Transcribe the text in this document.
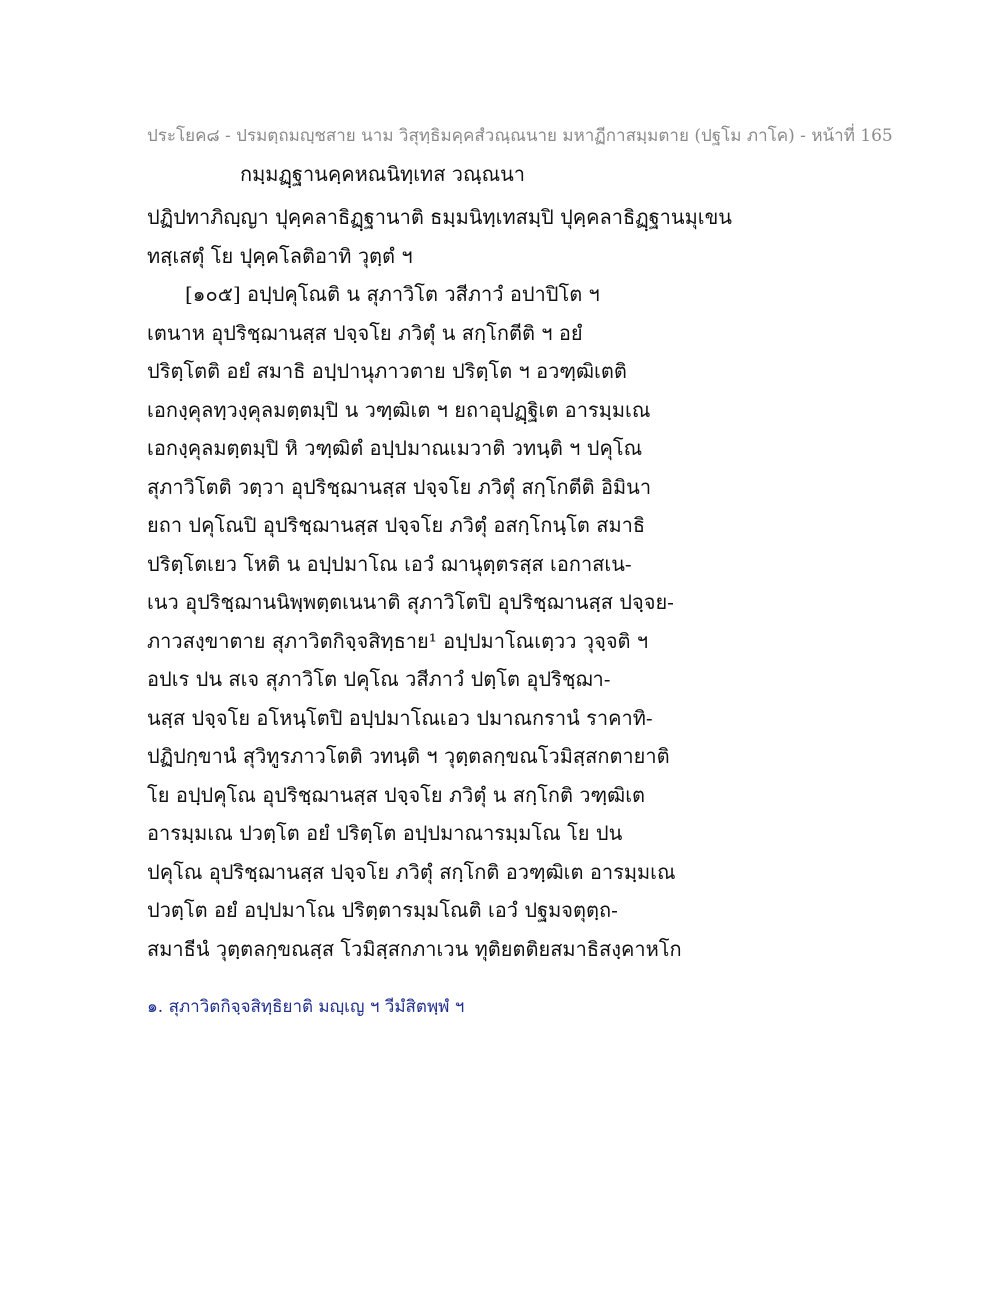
ประโยค๘ - ปรมตฺถมญฺชสาย นาม วิสุทฺธิมคฺคสํวณฺณนาย มหาฏีกาสมฺมตาย (ปฐโม ภาโค) - หน้าที่ 165
กมฺมฏฺฐานคฺคหณนิทฺเทส วณฺณนา
ปฏิปทาภิญฺญา ปุคฺคลาธิฏฺฐานาติ ธมฺมนิทฺเทสมฺปิ ปุคฺคลาธิฏฺฐานมุเขน
ทสฺเสตุํ โย ปุคฺคโลติอาทิ วุตฺตํ ฯ
[๑๐๕] อปฺปคุโณติ น สุภาวิโต วสีภาวํ อปาปิโต ฯ
เตนาห อุปริชฺฌานสฺส ปจฺจโย ภวิตุํ น สกฺโกตีติ ฯ อยํ
ปริตฺโตติ อยํ สมาธิ อปฺปานุภาวตาย ปริตฺโต ฯ อวฑฺฒิเตติ
เอกงฺคุลทฺวงฺคุลมตฺตมฺปิ น วฑฺฒิเต ฯ ยถาอุปฏฺฐิเต อารมฺมเณ
เอกงฺคุลมตฺตมฺปิ หิ วฑฺฒิตํ อปฺปมาณเมวาติ วทนฺติ ฯ ปคุโณ
สุภาวิโตติ วตฺวา อุปริชฺฌานสฺส ปจฺจโย ภวิตุํ สกฺโกตีติ อิมินา
ยถา ปคุโณปิ อุปริชฺฌานสฺส ปจฺจโย ภวิตุํ อสกฺโกนฺโต สมาธิ
ปริตฺโตเยว โหติ น อปฺปมาโณ เอวํ ฌานุตฺตรสฺส เอกาสเน-
เนว อุปริชฺฌานนิพฺพตฺตเนนาติ สุภาวิโตปิ อุปริชฺฌานสฺส ปจฺจย-
ภาวสงฺขาตาย สุภาวิตกิจฺจสิทฺธาย¹ อปฺปมาโณเตฺวว วุจฺจติ ฯ
อปเร ปน สเจ สุภาวิโต ปคุโณ วสีภาวํ ปตฺโต อุปริชฺฌา-
นสฺส ปจฺจโย อโหนฺโตปิ อปฺปมาโณเอว ปมาณกรานํ ราคาทิ-
ปฏิปกฺขานํ สุวิทูรภาวโตติ วทนฺติ ฯ วุตฺตลกฺขณโวมิสฺสกตายาติ
โย อปฺปคุโณ อุปริชฺฌานสฺส ปจฺจโย ภวิตุํ น สกฺโกติ วฑฺฒิเต
อารมฺมเณ ปวตฺโต อยํ ปริตฺโต อปฺปมาณารมฺมโณ โย ปน
ปคุโณ อุปริชฺฌานสฺส ปจฺจโย ภวิตุํ สกฺโกติ อวฑฺฒิเต อารมฺมเณ
ปวตฺโต อยํ อปฺปมาโณ ปริตฺตารมฺมโณติ เอวํ ปฐมจตุตฺถ-
สมาธีนํ วุตฺตลกฺขณสฺส โวมิสฺสกภาเวน ทุติยตติยสมาธิสงฺคาหโก
๑. สุภาวิตกิจฺจสิทฺธิยาติ มญฺเญ ฯ วีมํสิตพฺพํ ฯ
